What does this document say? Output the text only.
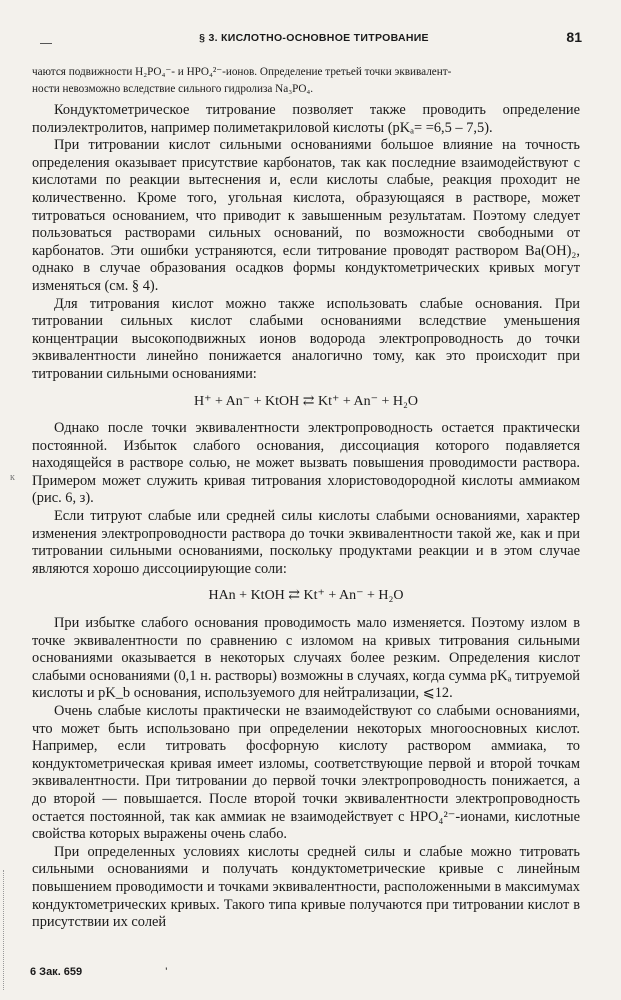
§ 3. КИСЛОТНО-ОСНОВНОЕ ТИТРОВАНИЕ	81
чаются подвижности H₂PO₄⁻- и HPO₄²⁻-ионов. Определение третьей точки эквивалент-
ности невозможно вследствие сильного гидролиза Na₃PO₄.
к

Кондуктометрическое титрование позволяет также проводить определение полиэлектролитов, например полиметакриловой кислоты (pKₐ= =6,5 – 7,5).

При титровании кислот сильными основаниями большое влияние на точность определения оказывает присутствие карбонатов, так как последние взаимодействуют с кислотами по реакции вытеснения и, если кислоты слабые, реакция проходит не количественно. Кроме того, угольная кислота, образующаяся в растворе, может титроваться основанием, что приводит к завышенным результатам. Поэтому следует пользоваться растворами сильных оснований, по возможности свободными от карбонатов. Эти ошибки устраняются, если титрование проводят раствором Ba(OH)₂, однако в случае образования осадков формы кондуктометрических кривых могут изменяться (см. § 4).

Для титрования кислот можно также использовать слабые основания. При титровании сильных кислот слабыми основаниями вследствие уменьшения концентрации высокоподвижных ионов водорода электропроводность до точки эквивалентности линейно понижается аналогично тому, как это происходит при титровании сильными основаниями:

H⁺ + An⁻ + KtOH ⇄ Kt⁺ + An⁻ + H₂O

Однако после точки эквивалентности электропроводность остается практически постоянной. Избыток слабого основания, диссоциация которого подавляется находящейся в растворе солью, не может вызвать повышения проводимости раствора. Примером может служить кривая титрования хлористоводородной кислоты аммиаком (рис. 6, з).

Если титруют слабые или средней силы кислоты слабыми основаниями, характер изменения электропроводности раствора до точки эквивалентности такой же, как и при титровании сильными основаниями, поскольку продуктами реакции и в этом случае являются хорошо диссоциирующие соли:

HAn + KtOH ⇄ Kt⁺ + An⁻ + H₂O

При избытке слабого основания проводимость мало изменяется. Поэтому излом в точке эквивалентности по сравнению с изломом на кривых титрования сильными основаниями оказывается в некоторых случаях более резким. Определения кислот слабыми основаниями (0,1 н. растворы) возможны в случаях, когда сумма pKₐ титруемой кислоты и pK_b основания, используемого для нейтрализации, ⩽12.

Очень слабые кислоты практически не взаимодействуют со слабыми основаниями, что может быть использовано при определении некоторых многоосновных кислот. Например, если титровать фосфорную кислоту раствором аммиака, то кондуктометрическая кривая имеет изломы, соответствующие первой и второй точкам эквивалентности. При титровании до первой точки электропроводность понижается, а до второй — повышается. После второй точки эквивалентности электропроводность остается постоянной, так как аммиак не взаимодействует с HPO₄²⁻-ионами, кислотные свойства которых выражены очень слабо.

При определенных условиях кислоты средней силы и слабые можно титровать сильными основаниями и получать кондуктометрические кривые с линейным повышением проводимости и точками эквивалентности, расположенными в максимумах кондуктометрических кривых. Такого типа кривые получаются при титровании кислот в присутствии их солей

6 Зак. 659	'
